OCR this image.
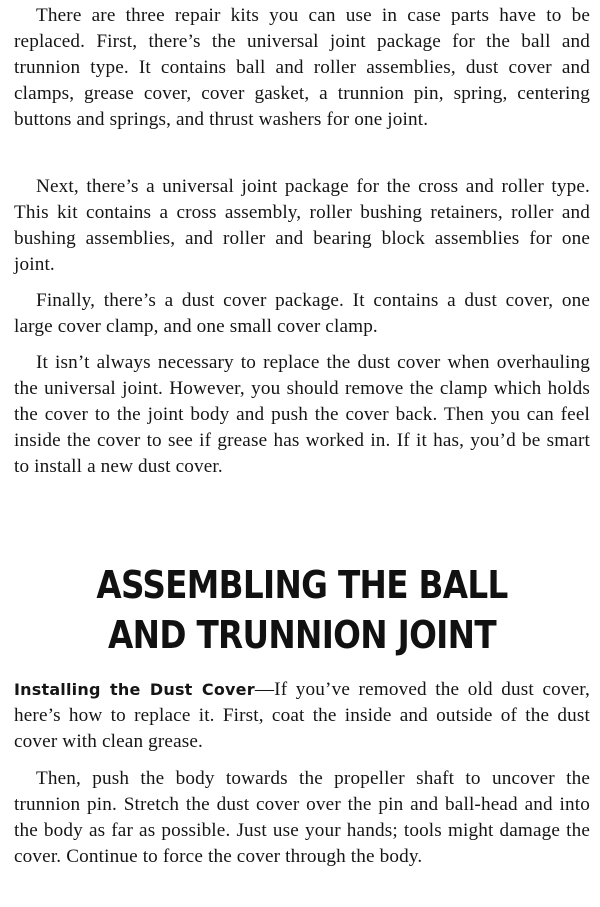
There are three repair kits you can use in case parts have to be replaced. First, there’s the universal joint package for the ball and trunnion type. It contains ball and roller assemblies, dust cover and clamps, grease cover, cover gasket, a trunnion pin, spring, centering buttons and springs, and thrust washers for one joint.

Next, there’s a universal joint package for the cross and roller type. This kit contains a cross assembly, roller bushing retainers, roller and bushing assemblies, and roller and bearing block assemblies for one joint.

Finally, there’s a dust cover package. It contains a dust cover, one large cover clamp, and one small cover clamp.

It isn’t always necessary to replace the dust cover when overhauling the universal joint. However, you should remove the clamp which holds the cover to the joint body and push the cover back. Then you can feel inside the cover to see if grease has worked in. If it has, you’d be smart to install a new dust cover.

ASSEMBLING THE BALL
AND TRUNNION JOINT

Installing the Dust Cover—If you’ve removed the old dust cover, here’s how to replace it. First, coat the inside and outside of the dust cover with clean grease.

Then, push the body towards the propeller shaft to uncover the trunnion pin. Stretch the dust cover over the pin and ball-head and into the body as far as possible. Just use your hands; tools might damage the cover. Continue to force the cover through the body.
